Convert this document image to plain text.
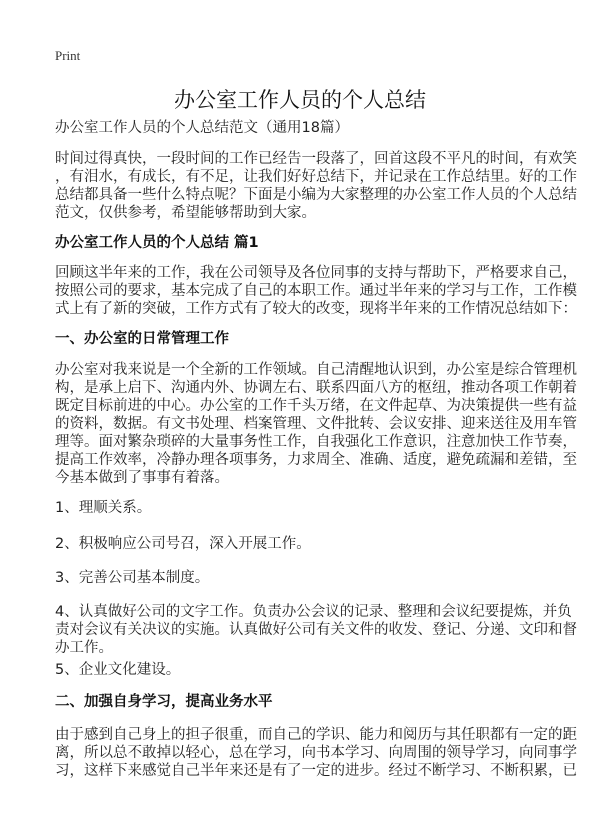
Print
办公室工作人员的个人总结
办公室工作人员的个人总结范文（通用18篇）
时间过得真快，一段时间的工作已经告一段落了，回首这段不平凡的时间，有欢笑
，有泪水，有成长，有不足，让我们好好总结下，并记录在工作总结里。好的工作
总结都具备一些什么特点呢？下面是小编为大家整理的办公室工作人员的个人总结
范文，仅供参考，希望能够帮助到大家。
办公室工作人员的个人总结 篇1
回顾这半年来的工作，我在公司领导及各位同事的支持与帮助下，严格要求自己，
按照公司的要求，基本完成了自己的本职工作。通过半年来的学习与工作，工作模
式上有了新的突破，工作方式有了较大的改变，现将半年来的工作情况总结如下：
一、办公室的日常管理工作
办公室对我来说是一个全新的工作领域。自己清醒地认识到，办公室是综合管理机
构，是承上启下、沟通内外、协调左右、联系四面八方的枢纽，推动各项工作朝着
既定目标前进的中心。办公室的工作千头万绪，在文件起草、为决策提供一些有益
的资料，数据。有文书处理、档案管理、文件批转、会议安排、迎来送往及用车管
理等。面对繁杂琐碎的大量事务性工作，自我强化工作意识，注意加快工作节奏，
提高工作效率，冷静办理各项事务，力求周全、准确、适度，避免疏漏和差错，至
今基本做到了事事有着落。
1、理顺关系。
2、积极响应公司号召，深入开展工作。
3、完善公司基本制度。
4、认真做好公司的文字工作。负责办公会议的记录、整理和会议纪要提炼，并负
责对会议有关决议的实施。认真做好公司有关文件的收发、登记、分递、文印和督
办工作。
5、企业文化建设。
二、加强自身学习，提高业务水平
由于感到自己身上的担子很重，而自己的学识、能力和阅历与其任职都有一定的距
离，所以总不敢掉以轻心，总在学习，向书本学习、向周围的领导学习，向同事学
习，这样下来感觉自己半年来还是有了一定的进步。经过不断学习、不断积累，已
